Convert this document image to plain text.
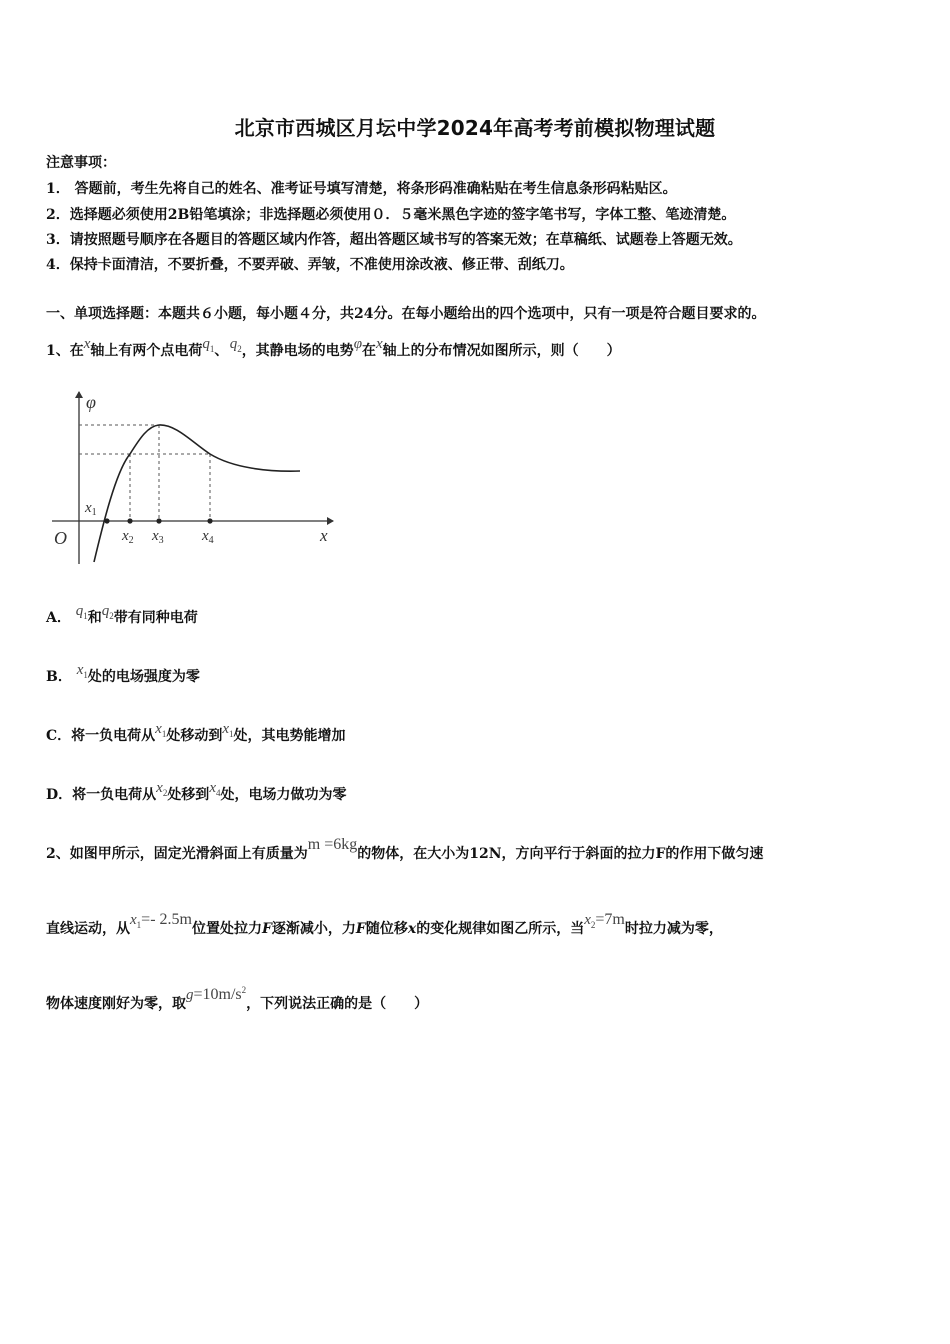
北京市西城区月坛中学2024年高考考前模拟物理试题
注意事项：
1． 答题前，考生先将自己的姓名、准考证号填写清楚，将条形码准确粘贴在考生信息条形码粘贴区。
2．选择题必须使用2B铅笔填涂；非选择题必须使用０．５毫米黑色字迹的签字笔书写，字体工整、笔迹清楚。
3．请按照题号顺序在各题目的答题区域内作答，超出答题区域书写的答案无效；在草稿纸、试题卷上答题无效。
4．保持卡面清洁，不要折叠，不要弄破、弄皱，不准使用涂改液、修正带、刮纸刀。
一、单项选择题：本题共６小题，每小题４分，共24分。在每小题给出的四个选项中，只有一项是符合题目要求的。
1、在x轴上有两个点电荷$q_1$、 $q_2$，其静电场的电势φ在x轴上的分布情况如图所示，则（　　）
φ
O	x
$x_1$
$x_2$ $x_3$	$x_4$
A． $q_1$和$q_2$带有同种电荷
B． $x_1$处的电场强度为零
C．将一负电荷从$x_1$处移动到$x_1$处，其电势能增加
D．将一负电荷从$x_2$处移到$x_4$处，电场力做功为零
2、如图甲所示，固定光滑斜面上有质量为m =6kg的物体，在大小为12N，方向平行于斜面的拉力F的作用下做匀速
直线运动，从$x_1=-$ 2.5m位置处拉力F逐渐减小，力F随位移x的变化规律如图乙所示，当$x_2=7m$时拉力减为零，
物体速度刚好为零，取$g=10m/s^2$，下列说法正确的是（　　）
